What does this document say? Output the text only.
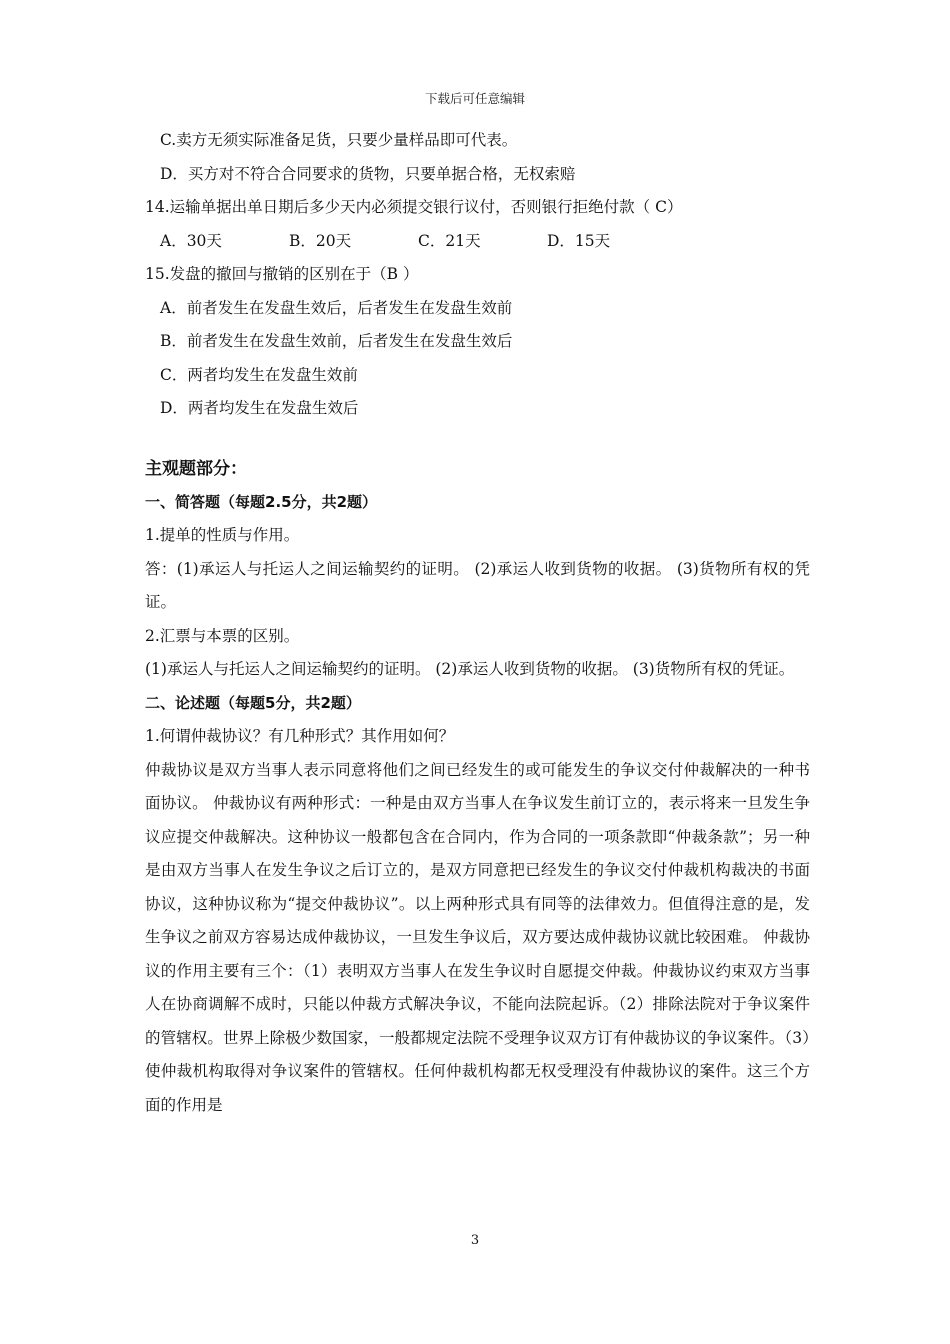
下载后可任意编辑
C.卖方无须实际准备足货，只要少量样品即可代表。
D．买方对不符合合同要求的货物，只要单据合格，无权索赔
14.运输单据出单日期后多少天内必须提交银行议付，否则银行拒绝付款（ C）
A．30天	B．20天	C．21天	D．15天
15.发盘的撤回与撤销的区别在于（B ）
A．前者发生在发盘生效后，后者发生在发盘生效前
B．前者发生在发盘生效前，后者发生在发盘生效后
C．两者均发生在发盘生效前
D．两者均发生在发盘生效后
主观题部分：
一、简答题（每题2.5分，共2题）
1.提单的性质与作用。

答：(1)承运人与托运人之间运输契约的证明。 (2)承运人收到货物的收据。 (3)货物所有权的凭证。

2.汇票与本票的区别。

(1)承运人与托运人之间运输契约的证明。 (2)承运人收到货物的收据。 (3)货物所有权的凭证。

二、论述题（每题5分，共2题）
1.何谓仲裁协议？有几种形式？其作用如何？

仲裁协议是双方当事人表示同意将他们之间已经发生的或可能发生的争议交付仲裁解决的一种书面协议。 仲裁协议有两种形式：一种是由双方当事人在争议发生前订立的，表示将来一旦发生争议应提交仲裁解决。这种协议一般都包含在合同内，作为合同的一项条款即“仲裁条款”；另一种是由双方当事人在发生争议之后订立的，是双方同意把已经发生的争议交付仲裁机构裁决的书面协议，这种协议称为“提交仲裁协议”。以上两种形式具有同等的法律效力。但值得注意的是，发生争议之前双方容易达成仲裁协议，一旦发生争议后，双方要达成仲裁协议就比较困难。 仲裁协议的作用主要有三个：（1）表明双方当事人在发生争议时自愿提交仲裁。仲裁协议约束双方当事人在协商调解不成时，只能以仲裁方式解决争议，不能向法院起诉。（2）排除法院对于争议案件的管辖权。世界上除极少数国家，一般都规定法院不受理争议双方订有仲裁协议的争议案件。（3）使仲裁机构取得对争议案件的管辖权。任何仲裁机构都无权受理没有仲裁协议的案件。这三个方面的作用是

3
